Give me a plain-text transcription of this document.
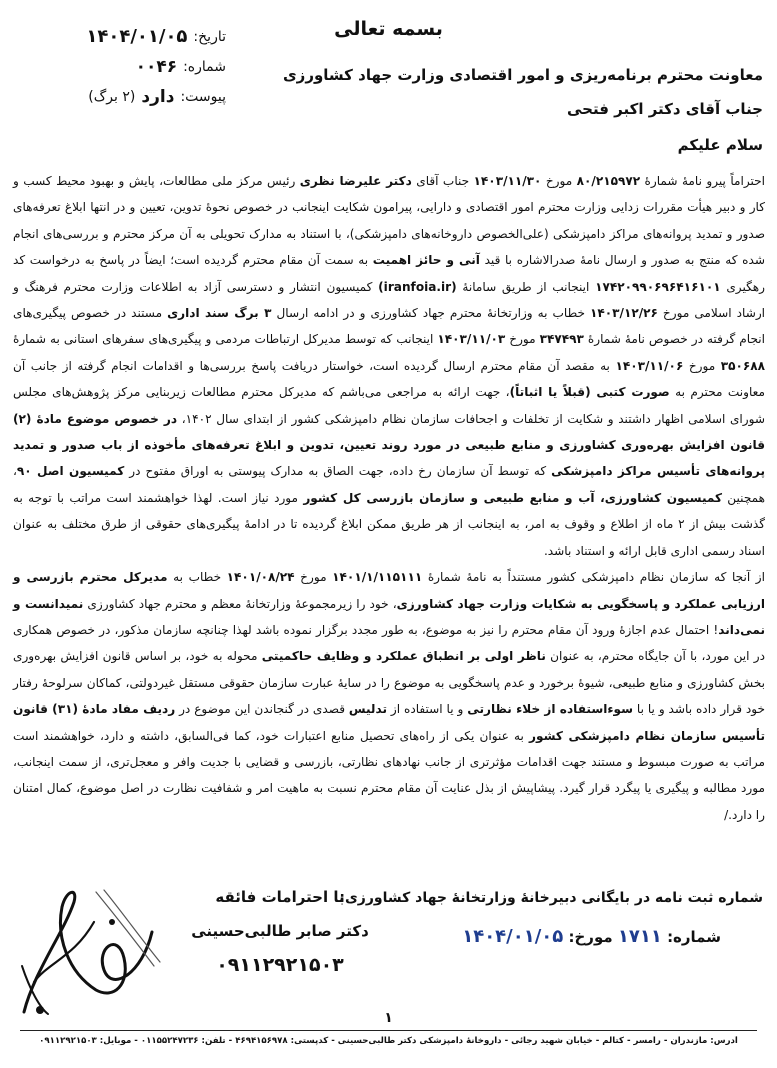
تاریخ:
۱۴۰۴/۰۱/۰۵
شماره:
۰۰۴۶
پیوست:
دارد
(۲ برگ)
بسمه تعالی
معاونت محترم برنامه‌ریزی و امور اقتصادی وزارت جهاد کشاورزی
جناب آقای دکتر اکبر فتحی
سلام علیکم

احتراماً پیرو نامهٔ شمارهٔ ۸۰/۲۱۵۹۷۲ مورخ ۱۴۰۳/۱۱/۳۰ جناب آقای دکتر علیرضا نظری رئیس مرکز ملی مطالعات، پایش و بهبود محیط کسب و کار و دبیر هیأت مقررات زدایی وزارت محترم امور اقتصادی و دارایی، پیرامون شکایت اینجانب در خصوص نحوهٔ تدوین، تعیین و در انتها ابلاغ تعرفه‌های صدور و تمدید پروانه‌های مراکز دامپزشکی (علی‌الخصوص داروخانه‌های دامپزشکی)، با استناد به مدارک تحویلی به آن مرکز محترم و بررسی‌های انجام شده که منتج به صدور و ارسال نامهٔ صدرالاشاره با قید آنی و حائز اهمیت به سمت آن مقام محترم گردیده است؛ ایضاً در پاسخ به درخواست کد رهگیری ۱۷۴۲۰۹۹۰۶۹۶۴۱۶۱۰۱ اینجانب از طریق سامانهٔ (iranfoia.ir) کمیسیون انتشار و دسترسی آزاد به اطلاعات وزارت محترم فرهنگ و ارشاد اسلامی مورخ ۱۴۰۳/۱۲/۲۶ خطاب به وزارتخانهٔ محترم جهاد کشاورزی و در ادامه ارسال ۳ برگ سند اداری مستند در خصوص پیگیری‌های انجام گرفته در خصوص نامهٔ شمارهٔ ۳۴۷۴۹۳ مورخ ۱۴۰۳/۱۱/۰۳ اینجانب که توسط مدیرکل ارتباطات مردمی و پیگیری‌های سفرهای استانی به شمارهٔ ۳۵۰۶۸۸ مورخ ۱۴۰۳/۱۱/۰۶ به مقصد آن مقام محترم ارسال گردیده است، خواستار دریافت پاسخ بررسی‌ها و اقدامات انجام گرفته از جانب آن معاونت محترم به صورت کتبی (قبلاً یا اثباتاً)، جهت ارائه به مراجعی می‌باشم که مدیرکل محترم مطالعات زیربنایی مرکز پژوهش‌های مجلس شورای اسلامی اظهار داشتند و شکایت از تخلفات و اجحافات سازمان نظام دامپزشکی کشور از ابتدای سال ۱۴۰۲، در خصوص موضوع مادهٔ (۲) قانون افزایش بهره‌وری کشاورزی و منابع طبیعی در مورد روند تعیین، تدوین و ابلاغ تعرفه‌های مأخوذه از باب صدور و تمدید پروانه‌های تأسیس مراکز دامپزشکی که توسط آن سازمان رخ داده، جهت الصاق به مدارک پیوستی به اوراق مفتوح در کمیسیون اصل ۹۰، همچنین کمیسیون کشاورزی، آب و منابع طبیعی و سازمان بازرسی کل کشور مورد نیاز است. لهذا خواهشمند است مراتب با توجه به گذشت بیش از ۲ ماه از اطلاع و وقوف به امر، به اینجانب از هر طریق ممکن ابلاغ گردیده تا در ادامهٔ پیگیری‌های حقوقی از طرق مختلف به عنوان اسناد رسمی اداری قابل ارائه و استناد باشد.

از آنجا که سازمان نظام دامپزشکی کشور مستنداً به نامهٔ شمارهٔ ۱۴۰۱/۱/۱۱۵۱۱۱ مورخ ۱۴۰۱/۰۸/۲۴ خطاب به مدیرکل محترم بازرسی و ارزیابی عملکرد و پاسخگویی به شکایات وزارت جهاد کشاورزی، خود را زیرمجموعهٔ وزارتخانهٔ معظم و محترم جهاد کشاورزی نمیدانست و نمی‌داند! احتمال عدم اجازهٔ ورود آن مقام محترم را نیز به موضوع، به طور مجدد برگزار نموده باشد لهذا چنانچه سازمان مذکور، در خصوص همکاری در این مورد، با آن جایگاه محترم، به عنوان ناظر اولی بر انطباق عملکرد و وظایف حاکمیتی محوله به خود، بر اساس قانون افزایش بهره‌وری بخش کشاورزی و منابع طبیعی، شیوهٔ برخورد و عدم پاسخگویی به موضوع را در سایهٔ عبارت سازمان حقوقی مستقل غیردولتی، کماکان سرلوحهٔ رفتار خود قرار داده باشد و یا با سوءاستفاده از خلاء نظارتی و یا استفاده از تدلیس قصدی در گنجاندن این موضوع در ردیف مفاد مادهٔ (۳۱) قانون تأسیس سازمان نظام دامپزشکی کشور به عنوان یکی از راه‌های تحصیل منابع اعتبارات خود، کما فی‌السابق، داشته و دارد، خواهشمند است مراتب به صورت مبسوط و مستند جهت اقدامات مؤثرتری از جانب نهادهای نظارتی، بازرسی و قضایی با جدیت وافر و معجل‌تری، از سمت اینجانب، مورد مطالبه و پیگیری یا پیگرد قرار گیرد. پیشاپیش از بذل عنایت آن مقام محترم نسبت به ماهیت امر و شفافیت نظارت در اصل موضوع، کمال امتنان را دارد./

با احترامات فائقه
دکتر صابر طالبی‌حسینی
۰۹۱۱۲۹۲۱۵۰۳
شماره ثبت نامه در بایگانی دبیرخانهٔ وزارتخانهٔ جهاد کشاورزی:
شماره: ۱۷۱۱ مورخ: ۱۴۰۴/۰۱/۰۵
۱
آدرس: مازندران - رامسر - کتالم - خیابان شهید رجائی - داروخانهٔ دامپزشکی دکتر طالبی‌حسینی - کدپستی: ۴۶۹۴۱۵۶۹۷۸ - تلفن: ۰۱۱۵۵۲۴۷۲۳۶ - موبایل: ۰۹۱۱۲۹۲۱۵۰۳
